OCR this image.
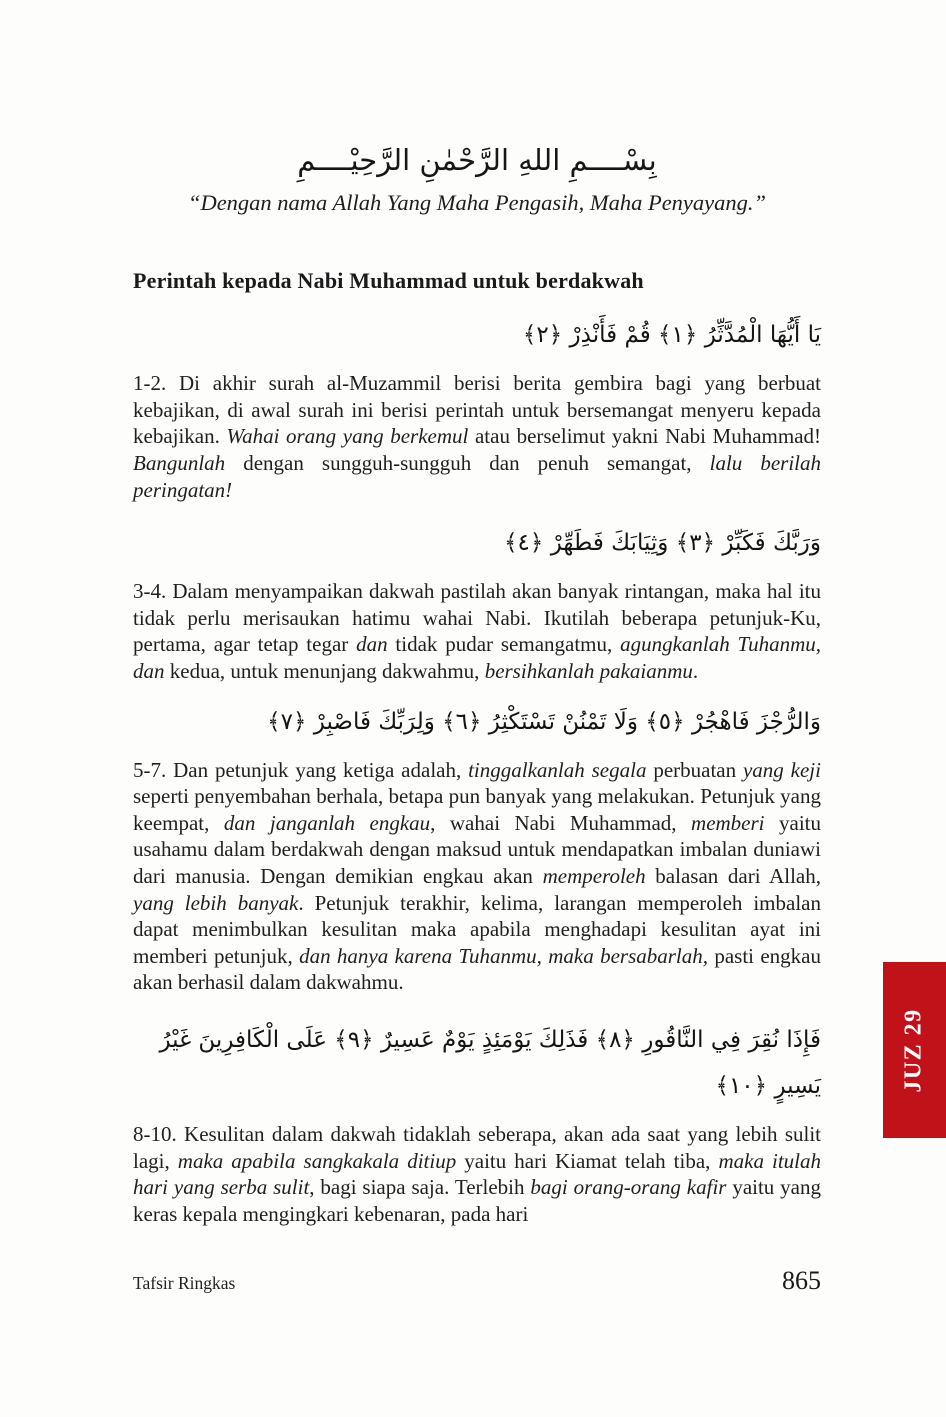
بِسْــــمِ اللهِ الرَّحْمٰنِ الرَّحِيْــــمِ
“Dengan nama Allah Yang Maha Pengasih, Maha Penyayang.”
Perintah kepada Nabi Muhammad untuk berdakwah
يَا أَيُّهَا الْمُدَّثِّرُ ﴿١﴾ قُمْ فَأَنْذِرْ ﴿٢﴾

1-2. Di akhir surah al-Muzammil berisi berita gembira bagi yang berbuat kebajikan, di awal surah ini berisi perintah untuk bersemangat menyeru kepada kebajikan. Wahai orang yang berkemul atau berselimut yakni Nabi Muhammad! Bangunlah dengan sungguh-sungguh dan penuh semangat, lalu berilah peringatan!

وَرَبَّكَ فَكَبِّرْ ﴿٣﴾ وَثِيَابَكَ فَطَهِّرْ ﴿٤﴾

3-4. Dalam menyampaikan dakwah pastilah akan banyak rintangan, maka hal itu tidak perlu merisaukan hatimu wahai Nabi. Ikutilah beberapa petunjuk-Ku, pertama, agar tetap tegar dan tidak pudar semangatmu, agungkanlah Tuhanmu, dan kedua, untuk menunjang dakwahmu, bersihkanlah pakaianmu.

وَالرُّجْزَ فَاهْجُرْ ﴿٥﴾ وَلَا تَمْنُنْ تَسْتَكْثِرُ ﴿٦﴾ وَلِرَبِّكَ فَاصْبِرْ ﴿٧﴾

5-7. Dan petunjuk yang ketiga adalah, tinggalkanlah segala perbuatan yang keji seperti penyembahan berhala, betapa pun banyak yang melakukan. Petunjuk yang keempat, dan janganlah engkau, wahai Nabi Muhammad, memberi yaitu usahamu dalam berdakwah dengan maksud untuk mendapatkan imbalan duniawi dari manusia. Dengan demikian engkau akan memperoleh balasan dari Allah, yang lebih banyak. Petunjuk terakhir, kelima, larangan memperoleh imbalan dapat menimbulkan kesulitan maka apabila menghadapi kesulitan ayat ini memberi petunjuk, dan hanya karena Tuhanmu, maka bersabarlah, pasti engkau akan berhasil dalam dakwahmu.

فَإِذَا نُقِرَ فِي النَّاقُورِ ﴿٨﴾ فَذَلِكَ يَوْمَئِذٍ يَوْمٌ عَسِيرٌ ﴿٩﴾ عَلَى الْكَافِرِينَ غَيْرُ يَسِيرٍ ﴿١٠﴾

8-10. Kesulitan dalam dakwah tidaklah seberapa, akan ada saat yang lebih sulit lagi, maka apabila sangkakala ditiup yaitu hari Kiamat telah tiba, maka itulah hari yang serba sulit, bagi siapa saja. Terlebih bagi orang-orang kafir yaitu yang keras kepala mengingkari kebenaran, pada hari

JUZ 29
Tafsir Ringkas	865
